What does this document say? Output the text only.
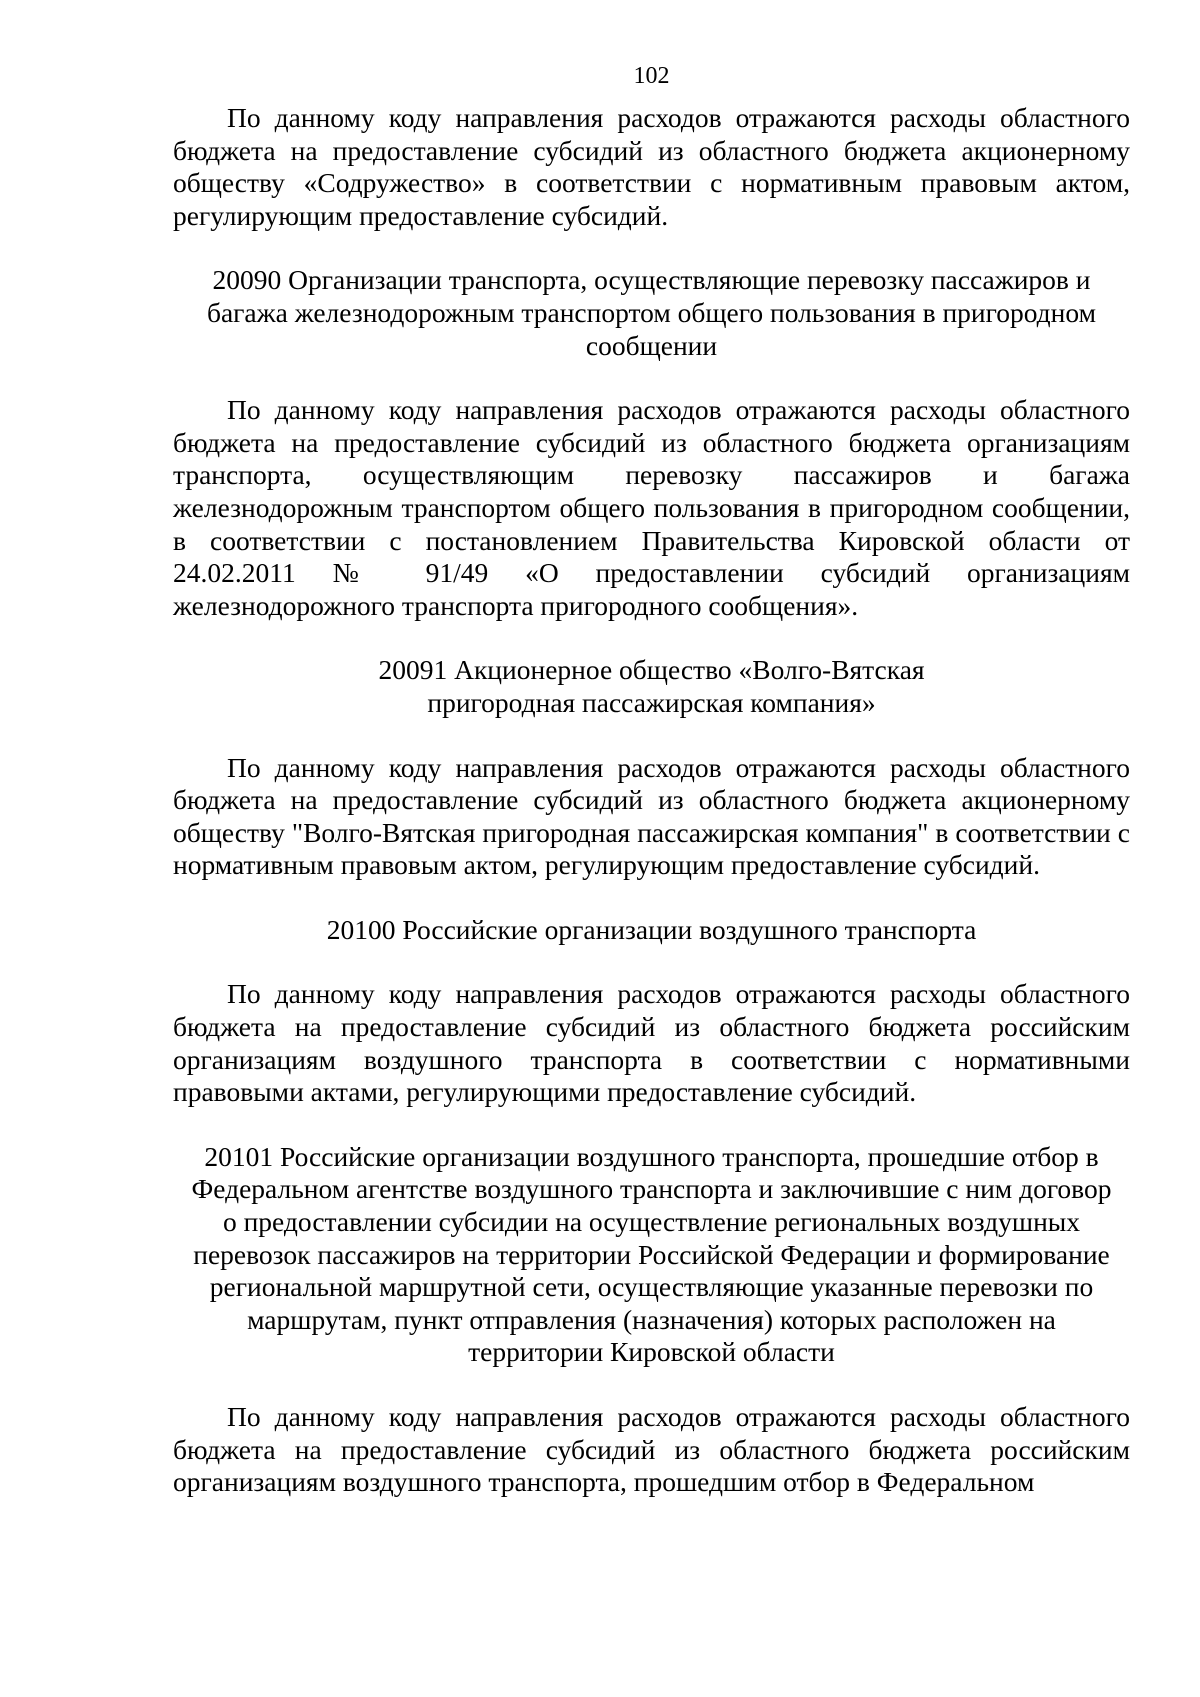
102

По данному коду направления расходов отражаются расходы областного бюджета на предоставление субсидий из областного бюджета акционерному обществу «Содружество» в соответствии с нормативным правовым актом, регулирующим предоставление субсидий.

20090 Организации транспорта, осуществляющие перевозку пассажиров и
багажа железнодорожным транспортом общего пользования в пригородном
сообщении

По данному коду направления расходов отражаются расходы областного бюджета на предоставление субсидий из областного бюджета организациям транспорта, осуществляющим перевозку пассажиров и багажа железнодорожным транспортом общего пользования в пригородном сообщении, в соответствии с постановлением Правительства Кировской области от 24.02.2011 № 91/49 «О предоставлении субсидий организациям железнодорожного транспорта пригородного сообщения».

20091 Акционерное общество «Волго-Вятская
пригородная пассажирская компания»

По данному коду направления расходов отражаются расходы областного бюджета на предоставление субсидий из областного бюджета акционерному обществу "Волго-Вятская пригородная пассажирская компания" в соответствии с нормативным правовым актом, регулирующим предоставление субсидий.

20100 Российские организации воздушного транспорта

По данному коду направления расходов отражаются расходы областного бюджета на предоставление субсидий из областного бюджета российским организациям воздушного транспорта в соответствии с нормативными правовыми актами, регулирующими предоставление субсидий.

20101 Российские организации воздушного транспорта, прошедшие отбор в
Федеральном агентстве воздушного транспорта и заключившие с ним договор
о предоставлении субсидии на осуществление региональных воздушных
перевозок пассажиров на территории Российской Федерации и формирование
региональной маршрутной сети, осуществляющие указанные перевозки по
маршрутам, пункт отправления (назначения) которых расположен на
территории Кировской области

По данному коду направления расходов отражаются расходы областного бюджета на предоставление субсидий из областного бюджета российским организациям воздушного транспорта, прошедшим отбор в Федеральном
